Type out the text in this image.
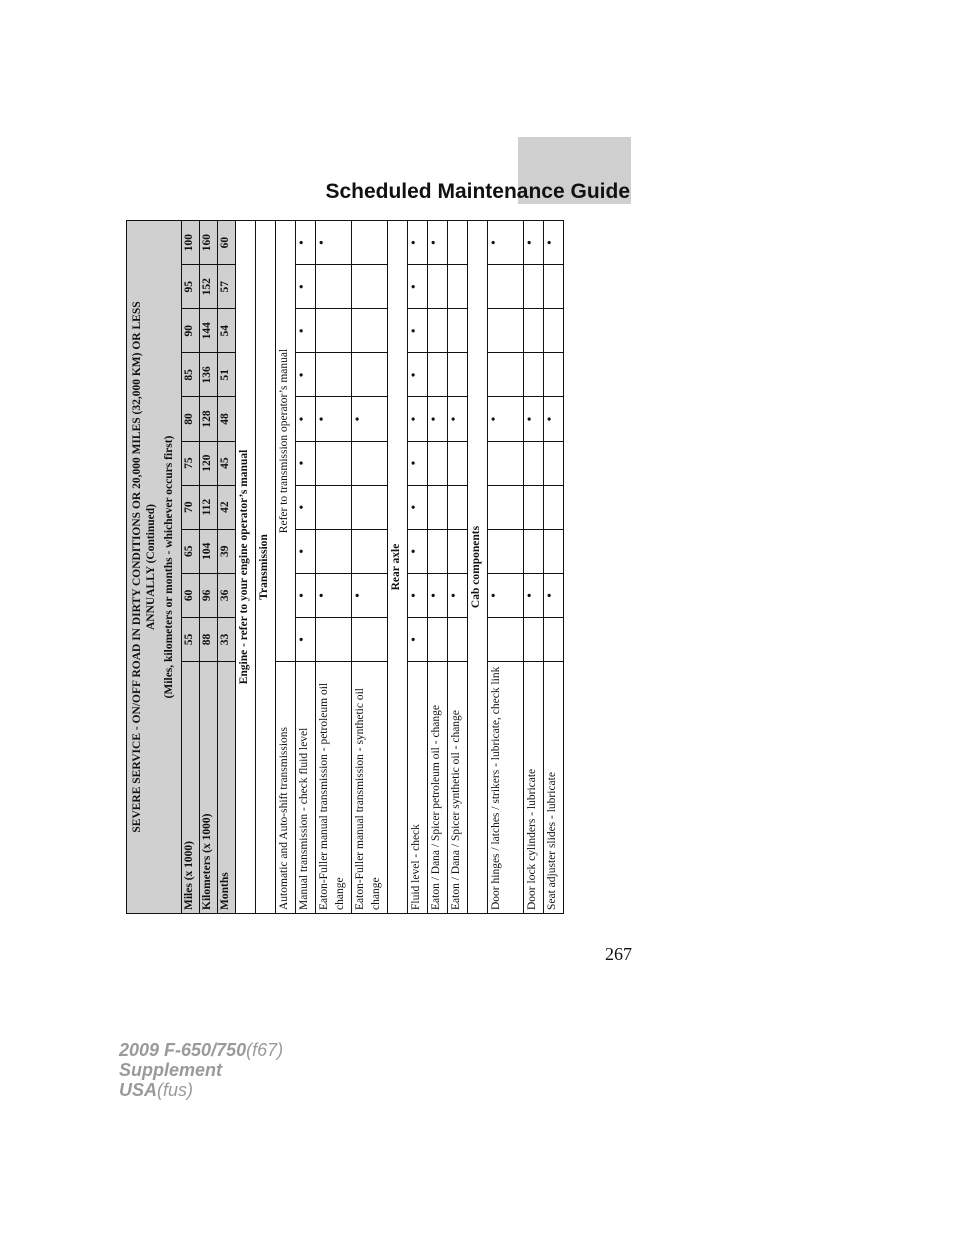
Scheduled Maintenance Guide
SEVERE SERVICE - ON/OFF ROAD IN DIRTY CONDITIONS OR 20,000 MILES (32,000 KM) OR LESS ANNUALLY (Continued) (Miles, kilometers or months - whichever occurs first)										

Miles (x 1000)	55	60	65	70	75	80	85	90	95	100
Kilometers (x 1000)	88	96	104	112	120	128	136	144	152	160
Months	33	36	39	42	45	48	51	54	57	60
Engine - refer to your engine operator’s manual										
Transmission										
Automatic and Auto-shift transmissions	Refer to transmission operator’s manual									
Manual transmission - check fluid level	•	•	•	•	•	•	•	•	•	•
Eaton-Fuller manual transmission - petroleum oil change		•				•				•
Eaton-Fuller manual transmission - synthetic oil change		•				•				
Rear axle										
Fluid level - check	•	•	•	•	•	•	•	•	•	•
Eaton / Dana / Spicer petroleum oil - change		•				•				•
Eaton / Dana / Spicer synthetic oil - change		•				•				
Cab components										
Door hinges / latches / strikers - lubricate, check link		•				•				•
Door lock cylinders - lubricate		•				•				•
Seat adjuster slides - lubricate		•				•				•
267
2009 F-650/750(f67)
Supplement
USA(fus)
